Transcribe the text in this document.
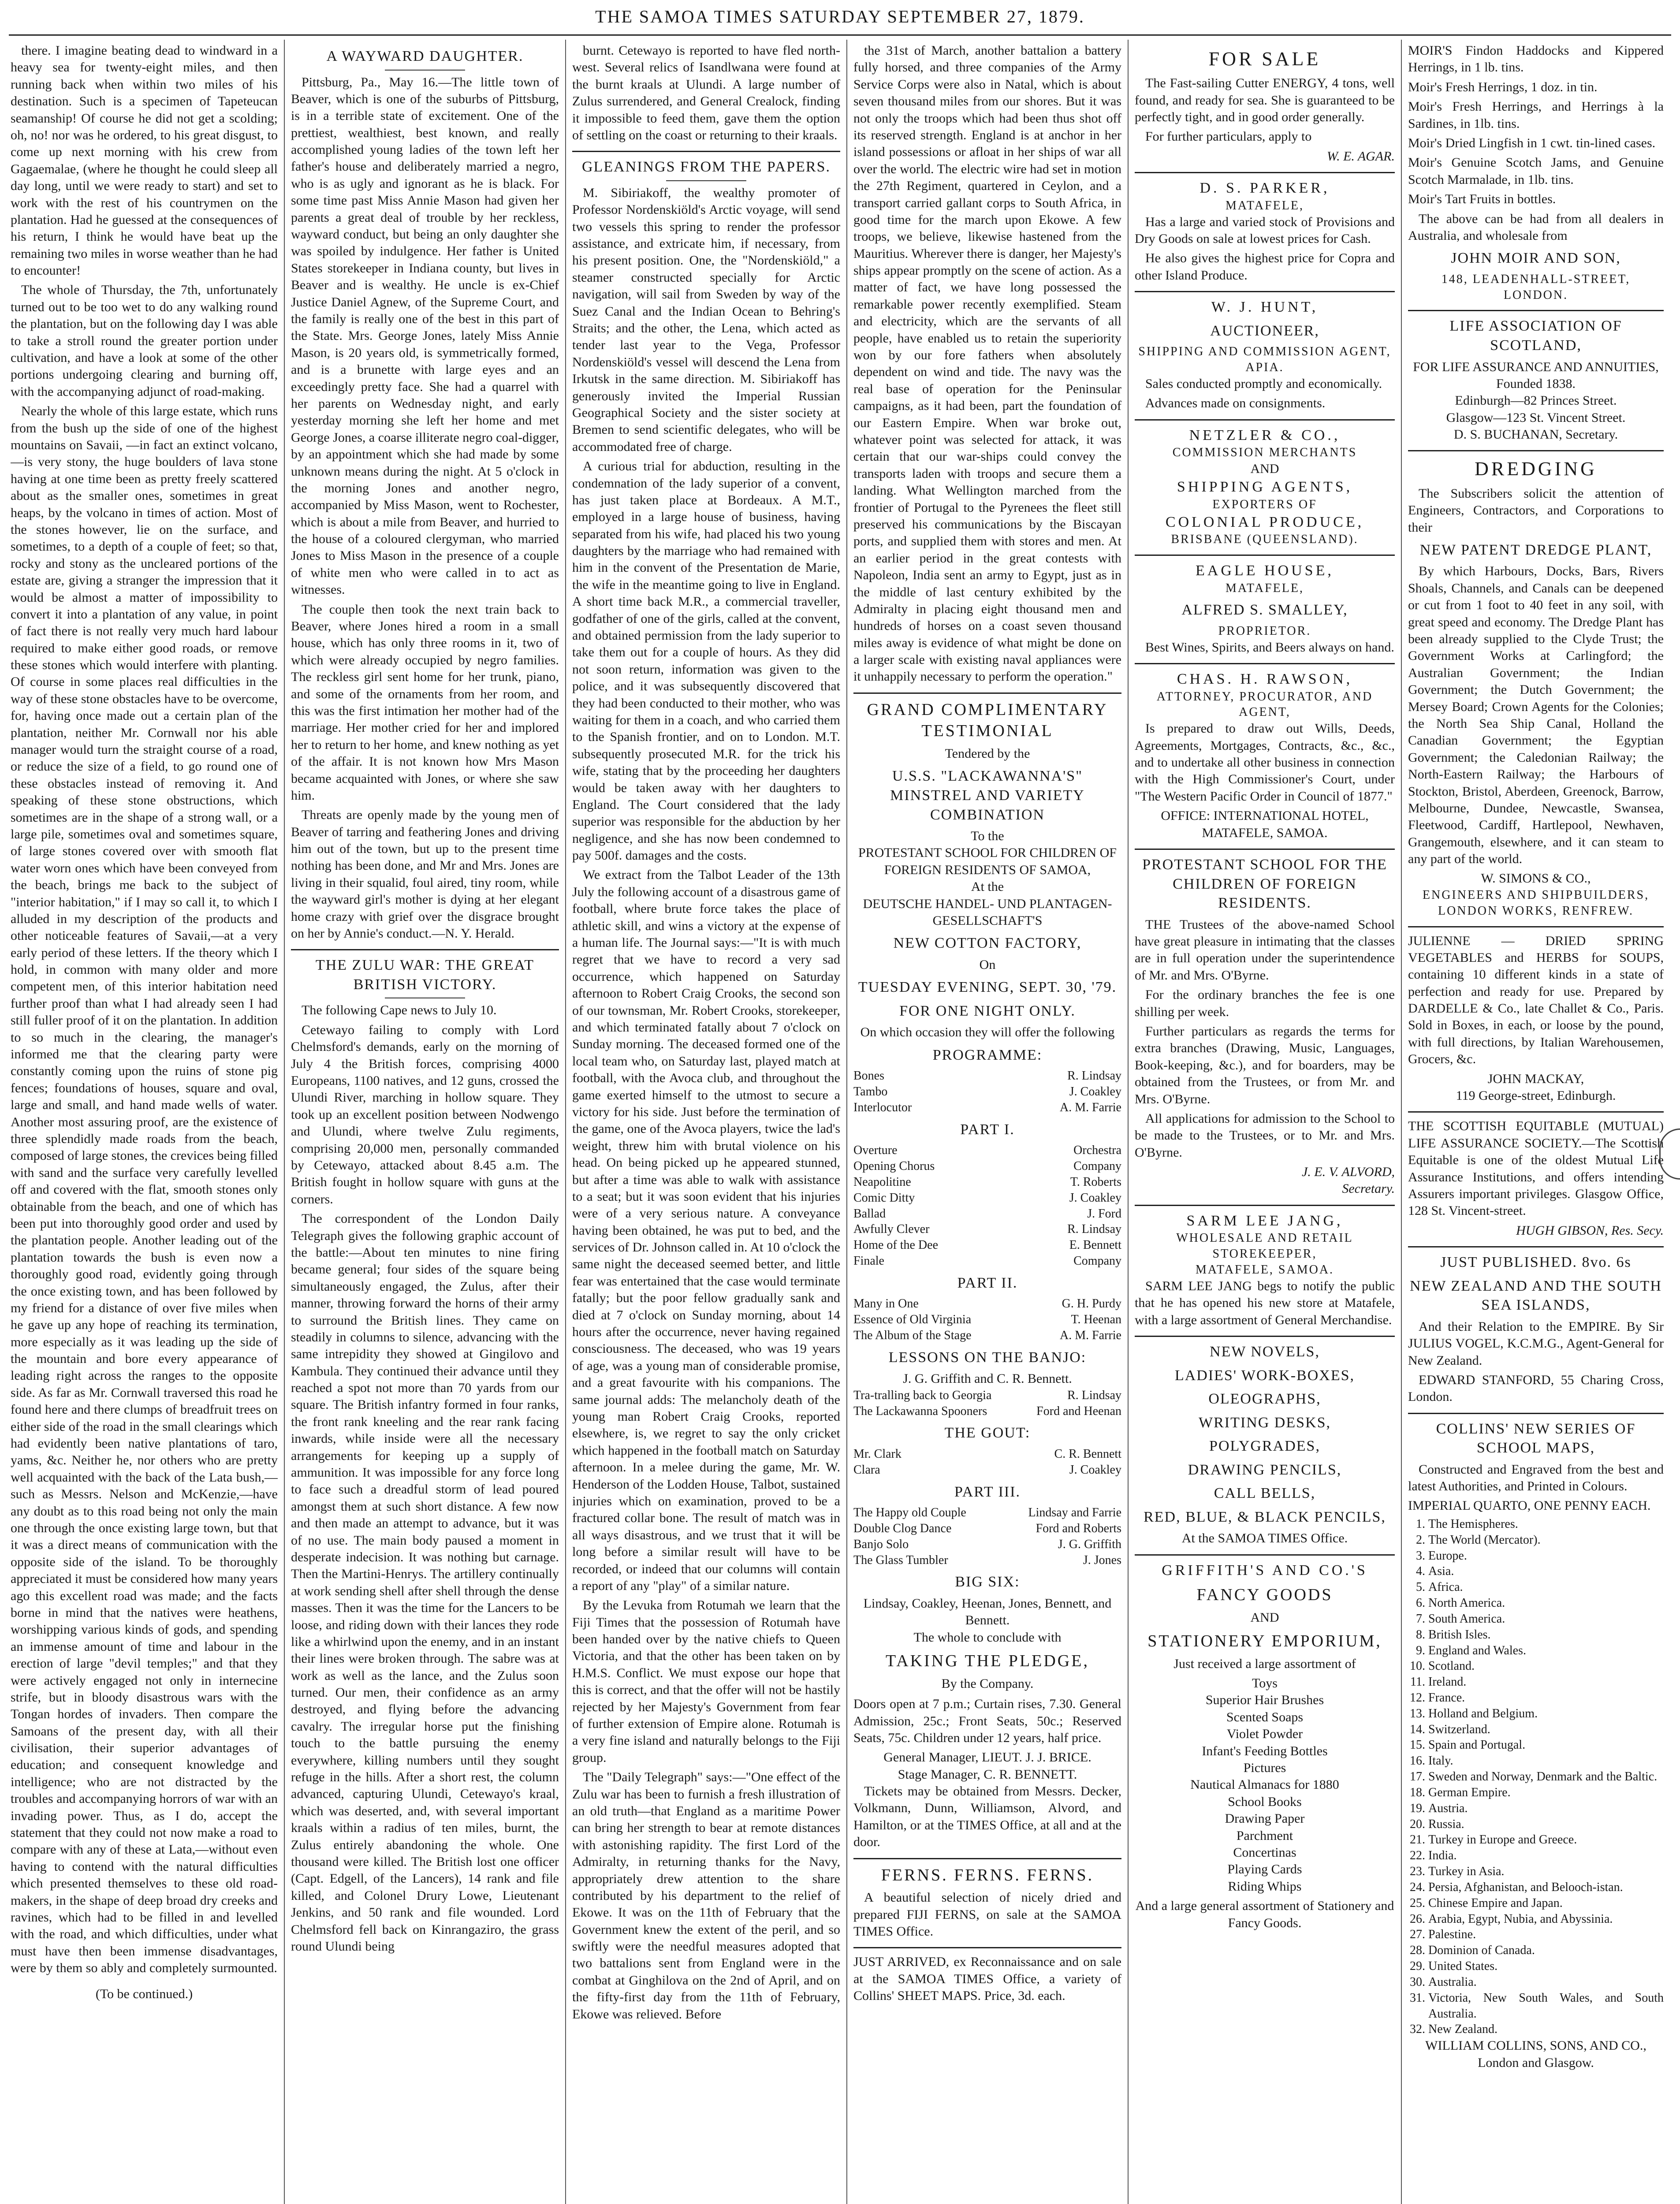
THE SAMOA TIMES SATURDAY SEPTEMBER 27, 1879.

there. I imagine beating dead to windward in a heavy sea for twenty-eight miles, and then running back when within two miles of his destination. Such is a specimen of Tapeteucan seamanship! Of course he did not get a scolding; oh, no! nor was he ordered, to his great disgust, to come up next morning with his crew from Gagaemalae, (where he thought he could sleep all day long, until we were ready to start) and set to work with the rest of his countrymen on the plantation. Had he guessed at the consequences of his return, I think he would have beat up the remaining two miles in worse weather than he had to encounter!

The whole of Thursday, the 7th, unfortunately turned out to be too wet to do any walking round the plantation, but on the following day I was able to take a stroll round the greater portion under cultivation, and have a look at some of the other portions undergoing clearing and burning off, with the accompanying adjunct of road-making.

Nearly the whole of this large estate, which runs from the bush up the side of one of the highest mountains on Savaii, —in fact an extinct volcano,—is very stony, the huge boulders of lava stone having at one time been as pretty freely scattered about as the smaller ones, sometimes in great heaps, by the volcano in times of action. Most of the stones however, lie on the surface, and sometimes, to a depth of a couple of feet; so that, rocky and stony as the uncleared portions of the estate are, giving a stranger the impression that it would be almost a matter of impossibility to convert it into a plantation of any value, in point of fact there is not really very much hard labour required to make either good roads, or remove these stones which would interfere with planting. Of course in some places real difficulties in the way of these stone obstacles have to be overcome, for, having once made out a certain plan of the plantation, neither Mr. Cornwall nor his able manager would turn the straight course of a road, or reduce the size of a field, to go round one of these obstacles instead of removing it. And speaking of these stone obstructions, which sometimes are in the shape of a strong wall, or a large pile, sometimes oval and sometimes square, of large stones covered over with smooth flat water worn ones which have been conveyed from the beach, brings me back to the subject of "interior habitation," if I may so call it, to which I alluded in my description of the products and other noticeable features of Savaii,—at a very early period of these letters. If the theory which I hold, in common with many older and more competent men, of this interior habitation need further proof than what I had already seen I had still fuller proof of it on the plantation. In addition to so much in the clearing, the manager's informed me that the clearing party were constantly coming upon the ruins of stone pig fences; foundations of houses, square and oval, large and small, and hand made wells of water. Another most assuring proof, are the existence of three splendidly made roads from the beach, composed of large stones, the crevices being filled with sand and the surface very carefully levelled off and covered with the flat, smooth stones only obtainable from the beach, and one of which has been put into thoroughly good order and used by the plantation people. Another leading out of the plantation towards the bush is even now a thoroughly good road, evidently going through the once existing town, and has been followed by my friend for a distance of over five miles when he gave up any hope of reaching its termination, more especially as it was leading up the side of the mountain and bore every appearance of leading right across the ranges to the opposite side. As far as Mr. Cornwall traversed this road he found here and there clumps of breadfruit trees on either side of the road in the small clearings which had evidently been native plantations of taro, yams, &c. Neither he, nor others who are pretty well acquainted with the back of the Lata bush,—such as Messrs. Nelson and McKenzie,—have any doubt as to this road being not only the main one through the once existing large town, but that it was a direct means of communication with the opposite side of the island. To be thoroughly appreciated it must be considered how many years ago this excellent road was made; and the facts borne in mind that the natives were heathens, worshipping various kinds of gods, and spending an immense amount of time and labour in the erection of large "devil temples;" and that they were actively engaged not only in internecine strife, but in bloody disastrous wars with the Tongan hordes of invaders. Then compare the Samoans of the present day, with all their civilisation, their superior advantages of education; and consequent knowledge and intelligence; who are not distracted by the troubles and accompanying horrors of war with an invading power. Thus, as I do, accept the statement that they could not now make a road to compare with any of these at Lata,—without even having to contend with the natural difficulties which presented themselves to these old road-makers, in the shape of deep broad dry creeks and ravines, which had to be filled in and levelled with the road, and which difficulties, under what must have then been immense disadvantages, were by them so ably and completely surmounted.

(To be continued.)
A WAYWARD DAUGHTER.

Pittsburg, Pa., May 16.—The little town of Beaver, which is one of the suburbs of Pittsburg, is in a terrible state of excitement. One of the prettiest, wealthiest, best known, and really accomplished young ladies of the town left her father's house and deliberately married a negro, who is as ugly and ignorant as he is black. For some time past Miss Annie Mason had given her parents a great deal of trouble by her reckless, wayward conduct, but being an only daughter she was spoiled by indulgence. Her father is United States storekeeper in Indiana county, but lives in Beaver and is wealthy. He uncle is ex-Chief Justice Daniel Agnew, of the Supreme Court, and the family is really one of the best in this part of the State. Mrs. George Jones, lately Miss Annie Mason, is 20 years old, is symmetrically formed, and is a brunette with large eyes and an exceedingly pretty face. She had a quarrel with her parents on Wednesday night, and early yesterday morning she left her home and met George Jones, a coarse illiterate negro coal-digger, by an appointment which she had made by some unknown means during the night. At 5 o'clock in the morning Jones and another negro, accompanied by Miss Mason, went to Rochester, which is about a mile from Beaver, and hurried to the house of a coloured clergyman, who married Jones to Miss Mason in the presence of a couple of white men who were called in to act as witnesses.

The couple then took the next train back to Beaver, where Jones hired a room in a small house, which has only three rooms in it, two of which were already occupied by negro families. The reckless girl sent home for her trunk, piano, and some of the ornaments from her room, and this was the first intimation her mother had of the marriage. Her mother cried for her and implored her to return to her home, and knew nothing as yet of the affair. It is not known how Mrs Mason became acquainted with Jones, or where she saw him.

Threats are openly made by the young men of Beaver of tarring and feathering Jones and driving him out of the town, but up to the present time nothing has been done, and Mr and Mrs. Jones are living in their squalid, foul aired, tiny room, while the wayward girl's mother is dying at her elegant home crazy with grief over the disgrace brought on her by Annie's conduct.—N. Y. Herald.

THE ZULU WAR: THE GREAT BRITISH VICTORY.

The following Cape news to July 10.

Cetewayo failing to comply with Lord Chelmsford's demands, early on the morning of July 4 the British forces, comprising 4000 Europeans, 1100 natives, and 12 guns, crossed the Ulundi River, marching in hollow square. They took up an excellent position between Nodwengo and Ulundi, where twelve Zulu regiments, comprising 20,000 men, personally commanded by Cetewayo, attacked about 8.45 a.m. The British fought in hollow square with guns at the corners.

The correspondent of the London Daily Telegraph gives the following graphic account of the battle:—About ten minutes to nine firing became general; four sides of the square being simultaneously engaged, the Zulus, after their manner, throwing forward the horns of their army to surround the British lines. They came on steadily in columns to silence, advancing with the same intrepidity they showed at Gingilovo and Kambula. They continued their advance until they reached a spot not more than 70 yards from our square. The British infantry formed in four ranks, the front rank kneeling and the rear rank facing inwards, while inside were all the necessary arrangements for keeping up a supply of ammunition. It was impossible for any force long to face such a dreadful storm of lead poured amongst them at such short distance. A few now and then made an attempt to advance, but it was of no use. The main body paused a moment in desperate indecision. It was nothing but carnage. Then the Martini-Henrys. The artillery continually at work sending shell after shell through the dense masses. Then it was the time for the Lancers to be loose, and riding down with their lances they rode like a whirlwind upon the enemy, and in an instant their lines were broken through. The sabre was at work as well as the lance, and the Zulus soon turned. Our men, their confidence as an army destroyed, and flying before the advancing cavalry. The irregular horse put the finishing touch to the battle pursuing the enemy everywhere, killing numbers until they sought refuge in the hills. After a short rest, the column advanced, capturing Ulundi, Cetewayo's kraal, which was deserted, and, with several important kraals within a radius of ten miles, burnt, the Zulus entirely abandoning the whole. One thousand were killed. The British lost one officer (Capt. Edgell, of the Lancers), 14 rank and file killed, and Colonel Drury Lowe, Lieutenant Jenkins, and 50 rank and file wounded. Lord Chelmsford fell back on Kinrangaziro, the grass round Ulundi being

burnt. Cetewayo is reported to have fled north-west. Several relics of Isandlwana were found at the burnt kraals at Ulundi. A large number of Zulus surrendered, and General Crealock, finding it impossible to feed them, gave them the option of settling on the coast or returning to their kraals.

GLEANINGS FROM THE PAPERS.

M. Sibiriakoff, the wealthy promoter of Professor Nordenskiöld's Arctic voyage, will send two vessels this spring to render the professor assistance, and extricate him, if necessary, from his present position. One, the "Nordenskiöld," a steamer constructed specially for Arctic navigation, will sail from Sweden by way of the Suez Canal and the Indian Ocean to Behring's Straits; and the other, the Lena, which acted as tender last year to the Vega, Professor Nordenskiöld's vessel will descend the Lena from Irkutsk in the same direction. M. Sibiriakoff has generously invited the Imperial Russian Geographical Society and the sister society at Bremen to send scientific delegates, who will be accommodated free of charge.

A curious trial for abduction, resulting in the condemnation of the lady superior of a convent, has just taken place at Bordeaux. A M.T., employed in a large house of business, having separated from his wife, had placed his two young daughters by the marriage who had remained with him in the convent of the Presentation de Marie, the wife in the meantime going to live in England. A short time back M.R., a commercial traveller, godfather of one of the girls, called at the convent, and obtained permission from the lady superior to take them out for a couple of hours. As they did not soon return, information was given to the police, and it was subsequently discovered that they had been conducted to their mother, who was waiting for them in a coach, and who carried them to the Spanish frontier, and on to London. M.T. subsequently prosecuted M.R. for the trick his wife, stating that by the proceeding her daughters would be taken away with her daughters to England. The Court considered that the lady superior was responsible for the abduction by her negligence, and she has now been condemned to pay 500f. damages and the costs.

We extract from the Talbot Leader of the 13th July the following account of a disastrous game of football, where brute force takes the place of athletic skill, and wins a victory at the expense of a human life. The Journal says:—"It is with much regret that we have to record a very sad occurrence, which happened on Saturday afternoon to Robert Craig Crooks, the second son of our townsman, Mr. Robert Crooks, storekeeper, and which terminated fatally about 7 o'clock on Sunday morning. The deceased formed one of the local team who, on Saturday last, played match at football, with the Avoca club, and throughout the game exerted himself to the utmost to secure a victory for his side. Just before the termination of the game, one of the Avoca players, twice the lad's weight, threw him with brutal violence on his head. On being picked up he appeared stunned, but after a time was able to walk with assistance to a seat; but it was soon evident that his injuries were of a very serious nature. A conveyance having been obtained, he was put to bed, and the services of Dr. Johnson called in. At 10 o'clock the same night the deceased seemed better, and little fear was entertained that the case would terminate fatally; but the poor fellow gradually sank and died at 7 o'clock on Sunday morning, about 14 hours after the occurrence, never having regained consciousness. The deceased, who was 19 years of age, was a young man of considerable promise, and a great favourite with his companions. The same journal adds: The melancholy death of the young man Robert Craig Crooks, reported elsewhere, is, we regret to say the only cricket which happened in the football match on Saturday afternoon. In a melee during the game, Mr. W. Henderson of the Lodden House, Talbot, sustained injuries which on examination, proved to be a fractured collar bone. The result of match was in all ways disastrous, and we trust that it will be long before a similar result will have to be recorded, or indeed that our columns will contain a report of any "play" of a similar nature.

By the Levuka from Rotumah we learn that the Fiji Times that the possession of Rotumah have been handed over by the native chiefs to Queen Victoria, and that the other has been taken on by H.M.S. Conflict. We must expose our hope that this is correct, and that the offer will not be hastily rejected by her Majesty's Government from fear of further extension of Empire alone. Rotumah is a very fine island and naturally belongs to the Fiji group.

The "Daily Telegraph" says:—"One effect of the Zulu war has been to furnish a fresh illustration of an old truth—that England as a maritime Power can bring her strength to bear at remote distances with astonishing rapidity. The first Lord of the Admiralty, in returning thanks for the Navy, appropriately drew attention to the share contributed by his department to the relief of Ekowe. It was on the 11th of February that the Government knew the extent of the peril, and so swiftly were the needful measures adopted that two battalions sent from England were in the combat at Ginghilova on the 2nd of April, and on the fifty-first day from the 11th of February, Ekowe was relieved. Before

the 31st of March, another battalion a battery fully horsed, and three companies of the Army Service Corps were also in Natal, which is about seven thousand miles from our shores. But it was not only the troops which had been thus shot off its reserved strength. England is at anchor in her island possessions or afloat in her ships of war all over the world. The electric wire had set in motion the 27th Regiment, quartered in Ceylon, and a transport carried gallant corps to South Africa, in good time for the march upon Ekowe. A few troops, we believe, likewise hastened from the Mauritius. Wherever there is danger, her Majesty's ships appear promptly on the scene of action. As a matter of fact, we have long possessed the remarkable power recently exemplified. Steam and electricity, which are the servants of all people, have enabled us to retain the superiority won by our fore fathers when absolutely dependent on wind and tide. The navy was the real base of operation for the Peninsular campaigns, as it had been, part the foundation of our Eastern Empire. When war broke out, whatever point was selected for attack, it was certain that our war-ships could convey the transports laden with troops and secure them a landing. What Wellington marched from the frontier of Portugal to the Pyrenees the fleet still preserved his communications by the Biscayan ports, and supplied them with stores and men. At an earlier period in the great contests with Napoleon, India sent an army to Egypt, just as in the middle of last century exhibited by the Admiralty in placing eight thousand men and hundreds of horses on a coast seven thousand miles away is evidence of what might be done on a larger scale with existing naval appliances were it unhappily necessary to perform the operation."

GRAND COMPLIMENTARY TESTIMONIAL
Tendered by the
U.S.S. "LACKAWANNA'S" MINSTREL AND VARIETY COMBINATION
To the
PROTESTANT SCHOOL FOR CHILDREN OF FOREIGN RESIDENTS OF SAMOA,
At the
DEUTSCHE HANDEL- UND PLANTAGEN-GESELLSCHAFT'S
NEW COTTON FACTORY,
On
TUESDAY EVENING, SEPT. 30, '79.
FOR ONE NIGHT ONLY.
On which occasion they will offer the following
PROGRAMME:
Bones	R. Lindsay
Tambo	J. Coakley
Interlocutor	A. M. Farrie
PART I.
Overture	Orchestra
Opening Chorus	Company
Neapolitine	T. Roberts
Comic Ditty	J. Coakley
Ballad	J. Ford
Awfully Clever	R. Lindsay
Home of the Dee	E. Bennett
Finale	Company
PART II.
Many in One	G. H. Purdy
Essence of Old Virginia	T. Heenan
The Album of the Stage	A. M. Farrie
LESSONS ON THE BANJO:
J. G. Griffith and C. R. Bennett.
Tra-tralling back to Georgia	R. Lindsay
The Lackawanna Spooners	Ford and Heenan
THE GOUT:
Mr. Clark	C. R. Bennett
Clara	J. Coakley
PART III.
The Happy old Couple	Lindsay and Farrie
Double Clog Dance	Ford and Roberts
Banjo Solo	J. G. Griffith
The Glass Tumbler	J. Jones
BIG SIX:
Lindsay, Coakley, Heenan, Jones, Bennett, and Bennett.
The whole to conclude with
TAKING THE PLEDGE,
By the Company.

Doors open at 7 p.m.; Curtain rises, 7.30. General Admission, 25c.; Front Seats, 50c.; Reserved Seats, 75c. Children under 12 years, half price.

General Manager, LIEUT. J. J. BRICE.
Stage Manager, C. R. BENNETT.

Tickets may be obtained from Messrs. Decker, Volkmann, Dunn, Williamson, Alvord, and Hamilton, or at the TIMES Office, at all and at the door.

FERNS. FERNS. FERNS.

A beautiful selection of nicely dried and prepared FIJI FERNS, on sale at the SAMOA TIMES Office.

JUST ARRIVED, ex Reconnaissance and on sale at the SAMOA TIMES Office, a variety of Collins' SHEET MAPS. Price, 3d. each.

FOR SALE

The Fast-sailing Cutter ENERGY, 4 tons, well found, and ready for sea. She is guaranteed to be perfectly tight, and in good order generally.

For further particulars, apply to

W. E. AGAR.
D. S. PARKER,
MATAFELE,

Has a large and varied stock of Provisions and Dry Goods on sale at lowest prices for Cash.

He also gives the highest price for Copra and other Island Produce.

W. J. HUNT,
AUCTIONEER,
SHIPPING AND COMMISSION AGENT,
APIA.

Sales conducted promptly and economically.

Advances made on consignments.

NETZLER & CO.,
COMMISSION MERCHANTS
AND
SHIPPING AGENTS,
EXPORTERS OF
COLONIAL PRODUCE,
BRISBANE (QUEENSLAND).
EAGLE HOUSE,
MATAFELE,
ALFRED S. SMALLEY,
PROPRIETOR.

Best Wines, Spirits, and Beers always on hand.

CHAS. H. RAWSON,
ATTORNEY, PROCURATOR, AND AGENT,

Is prepared to draw out Wills, Deeds, Agreements, Mortgages, Contracts, &c., &c., and to undertake all other business in connection with the High Commissioner's Court, under "The Western Pacific Order in Council of 1877."

OFFICE: INTERNATIONAL HOTEL, MATAFELE, SAMOA.
PROTESTANT SCHOOL FOR THE CHILDREN OF FOREIGN RESIDENTS.

THE Trustees of the above-named School have great pleasure in intimating that the classes are in full operation under the superintendence of Mr. and Mrs. O'Byrne.

For the ordinary branches the fee is one shilling per week.

Further particulars as regards the terms for extra branches (Drawing, Music, Languages, Book-keeping, &c.), and for boarders, may be obtained from the Trustees, or from Mr. and Mrs. O'Byrne.

All applications for admission to the School to be made to the Trustees, or to Mr. and Mrs. O'Byrne.

J. E. V. ALVORD,
Secretary.
SARM LEE JANG,
WHOLESALE AND RETAIL STOREKEEPER,
MATAFELE, SAMOA.

SARM LEE JANG begs to notify the public that he has opened his new store at Matafele, with a large assortment of General Merchandise.

NEW NOVELS,
LADIES' WORK-BOXES,
OLEOGRAPHS,
WRITING DESKS,
POLYGRADES,
DRAWING PENCILS,
CALL BELLS,
RED, BLUE, & BLACK PENCILS,
At the SAMOA TIMES Office.
GRIFFITH'S AND CO.'S
FANCY GOODS
AND
STATIONERY EMPORIUM,
Just received a large assortment of
Toys
Superior Hair Brushes
Scented Soaps
Violet Powder
Infant's Feeding Bottles
Pictures
Nautical Almanacs for 1880
School Books
Drawing Paper
Parchment
Concertinas
Playing Cards
Riding Whips
And a large general assortment of Stationery and Fancy Goods.

MOIR'S Findon Haddocks and Kippered Herrings, in 1 lb. tins.

Moir's Fresh Herrings, 1 doz. in tin.

Moir's Fresh Herrings, and Herrings à la Sardines, in 1lb. tins.

Moir's Dried Lingfish in 1 cwt. tin-lined cases.

Moir's Genuine Scotch Jams, and Genuine Scotch Marmalade, in 1lb. tins.

Moir's Tart Fruits in bottles.

The above can be had from all dealers in Australia, and wholesale from

JOHN MOIR AND SON,
148, LEADENHALL-STREET, LONDON.
LIFE ASSOCIATION OF SCOTLAND,
FOR LIFE ASSURANCE AND ANNUITIES, Founded 1838.
Edinburgh—82 Princes Street.
Glasgow—123 St. Vincent Street.
D. S. BUCHANAN, Secretary.
DREDGING

The Subscribers solicit the attention of Engineers, Contractors, and Corporations to their

NEW PATENT DREDGE PLANT,

By which Harbours, Docks, Bars, Rivers Shoals, Channels, and Canals can be deepened or cut from 1 foot to 40 feet in any soil, with great speed and economy. The Dredge Plant has been already supplied to the Clyde Trust; the Government Works at Carlingford; the Australian Government; the Indian Government; the Dutch Government; the Mersey Board; Crown Agents for the Colonies; the North Sea Ship Canal, Holland the Canadian Government; the Egyptian Government; the Caledonian Railway; the North-Eastern Railway; the Harbours of Stockton, Bristol, Aberdeen, Greenock, Barrow, Melbourne, Dundee, Newcastle, Swansea, Fleetwood, Cardiff, Hartlepool, Newhaven, Grangemouth, elsewhere, and it can steam to any part of the world.

W. SIMONS & CO.,
ENGINEERS AND SHIPBUILDERS,
LONDON WORKS, RENFREW.

JULIENNE — DRIED SPRING VEGETABLES and HERBS for SOUPS, containing 10 different kinds in a state of perfection and ready for use. Prepared by DARDELLE & Co., late Challet & Co., Paris. Sold in Boxes, in each, or loose by the pound, with full directions, by Italian Warehousemen, Grocers, &c.

JOHN MACKAY,
119 George-street, Edinburgh.

THE SCOTTISH EQUITABLE (MUTUAL) LIFE ASSURANCE SOCIETY.—The Scottish Equitable is one of the oldest Mutual Life Assurance Institutions, and offers intending Assurers important privileges. Glasgow Office, 128 St. Vincent-street.

HUGH GIBSON, Res. Secy.
JUST PUBLISHED. 8vo. 6s
NEW ZEALAND AND THE SOUTH SEA ISLANDS,

And their Relation to the EMPIRE. By Sir JULIUS VOGEL, K.C.M.G., Agent-General for New Zealand.

EDWARD STANFORD, 55 Charing Cross, London.

COLLINS' NEW SERIES OF SCHOOL MAPS,

Constructed and Engraved from the best and latest Authorities, and Printed in Colours.

IMPERIAL QUARTO, ONE PENNY EACH.
1. The Hemispheres.
2. The World (Mercator).
3. Europe.
4. Asia.
5. Africa.
6. North America.
7. South America.
8. British Isles.
9. England and Wales.
10. Scotland.
11. Ireland.
12. France.
13. Holland and Belgium.
14. Switzerland.
15. Spain and Portugal.
16. Italy.
17. Sweden and Norway, Denmark and the Baltic.
18. German Empire.
19. Austria.
20. Russia.
21. Turkey in Europe and Greece.
22. India.
23. Turkey in Asia.
24. Persia, Afghanistan, and Belooch-istan.
25. Chinese Empire and Japan.
26. Arabia, Egypt, Nubia, and Abyssinia.
27. Palestine.
28. Dominion of Canada.
29. United States.
30. Australia.
31. Victoria, New South Wales, and South Australia.
32. New Zealand.
WILLIAM COLLINS, SONS, AND CO., London and Glasgow.
